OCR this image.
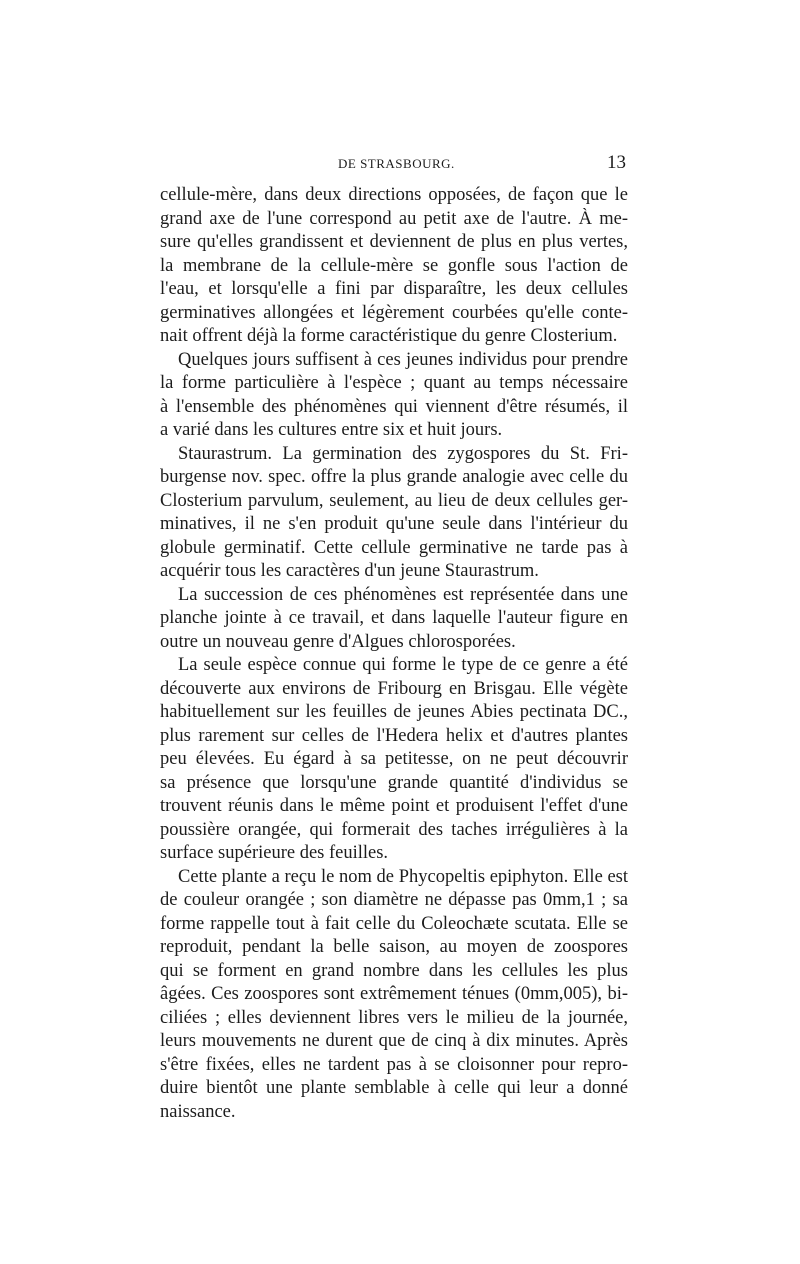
DE STRASBOURG.	13
cellule-mère, dans deux directions opposées, de façon que le
grand axe de l'une correspond au petit axe de l'autre. À me-
sure qu'elles grandissent et deviennent de plus en plus vertes,
la membrane de la cellule-mère se gonfle sous l'action de
l'eau, et lorsqu'elle a fini par disparaître, les deux cellules
germinatives allongées et légèrement courbées qu'elle conte-
nait offrent déjà la forme caractéristique du genre Closterium.
Quelques jours suffisent à ces jeunes individus pour prendre
la forme particulière à l'espèce ; quant au temps nécessaire
à l'ensemble des phénomènes qui viennent d'être résumés, il
a varié dans les cultures entre six et huit jours.
Staurastrum. La germination des zygospores du St. Fri-
burgense nov. spec. offre la plus grande analogie avec celle du
Closterium parvulum, seulement, au lieu de deux cellules ger-
minatives, il ne s'en produit qu'une seule dans l'intérieur du
globule germinatif. Cette cellule germinative ne tarde pas à
acquérir tous les caractères d'un jeune Staurastrum.
La succession de ces phénomènes est représentée dans une
planche jointe à ce travail, et dans laquelle l'auteur figure en
outre un nouveau genre d'Algues chlorosporées.
La seule espèce connue qui forme le type de ce genre a été
découverte aux environs de Fribourg en Brisgau. Elle végète
habituellement sur les feuilles de jeunes Abies pectinata DC.,
plus rarement sur celles de l'Hedera helix et d'autres plantes
peu élevées. Eu égard à sa petitesse, on ne peut découvrir
sa présence que lorsqu'une grande quantité d'individus se
trouvent réunis dans le même point et produisent l'effet d'une
poussière orangée, qui formerait des taches irrégulières à la
surface supérieure des feuilles.
Cette plante a reçu le nom de Phycopeltis epiphyton. Elle est
de couleur orangée ; son diamètre ne dépasse pas 0mm,1 ; sa
forme rappelle tout à fait celle du Coleochæte scutata. Elle se
reproduit, pendant la belle saison, au moyen de zoospores
qui se forment en grand nombre dans les cellules les plus
âgées. Ces zoospores sont extrêmement ténues (0mm,005), bi-
ciliées ; elles deviennent libres vers le milieu de la journée,
leurs mouvements ne durent que de cinq à dix minutes. Après
s'être fixées, elles ne tardent pas à se cloisonner pour repro-
duire bientôt une plante semblable à celle qui leur a donné
naissance.
